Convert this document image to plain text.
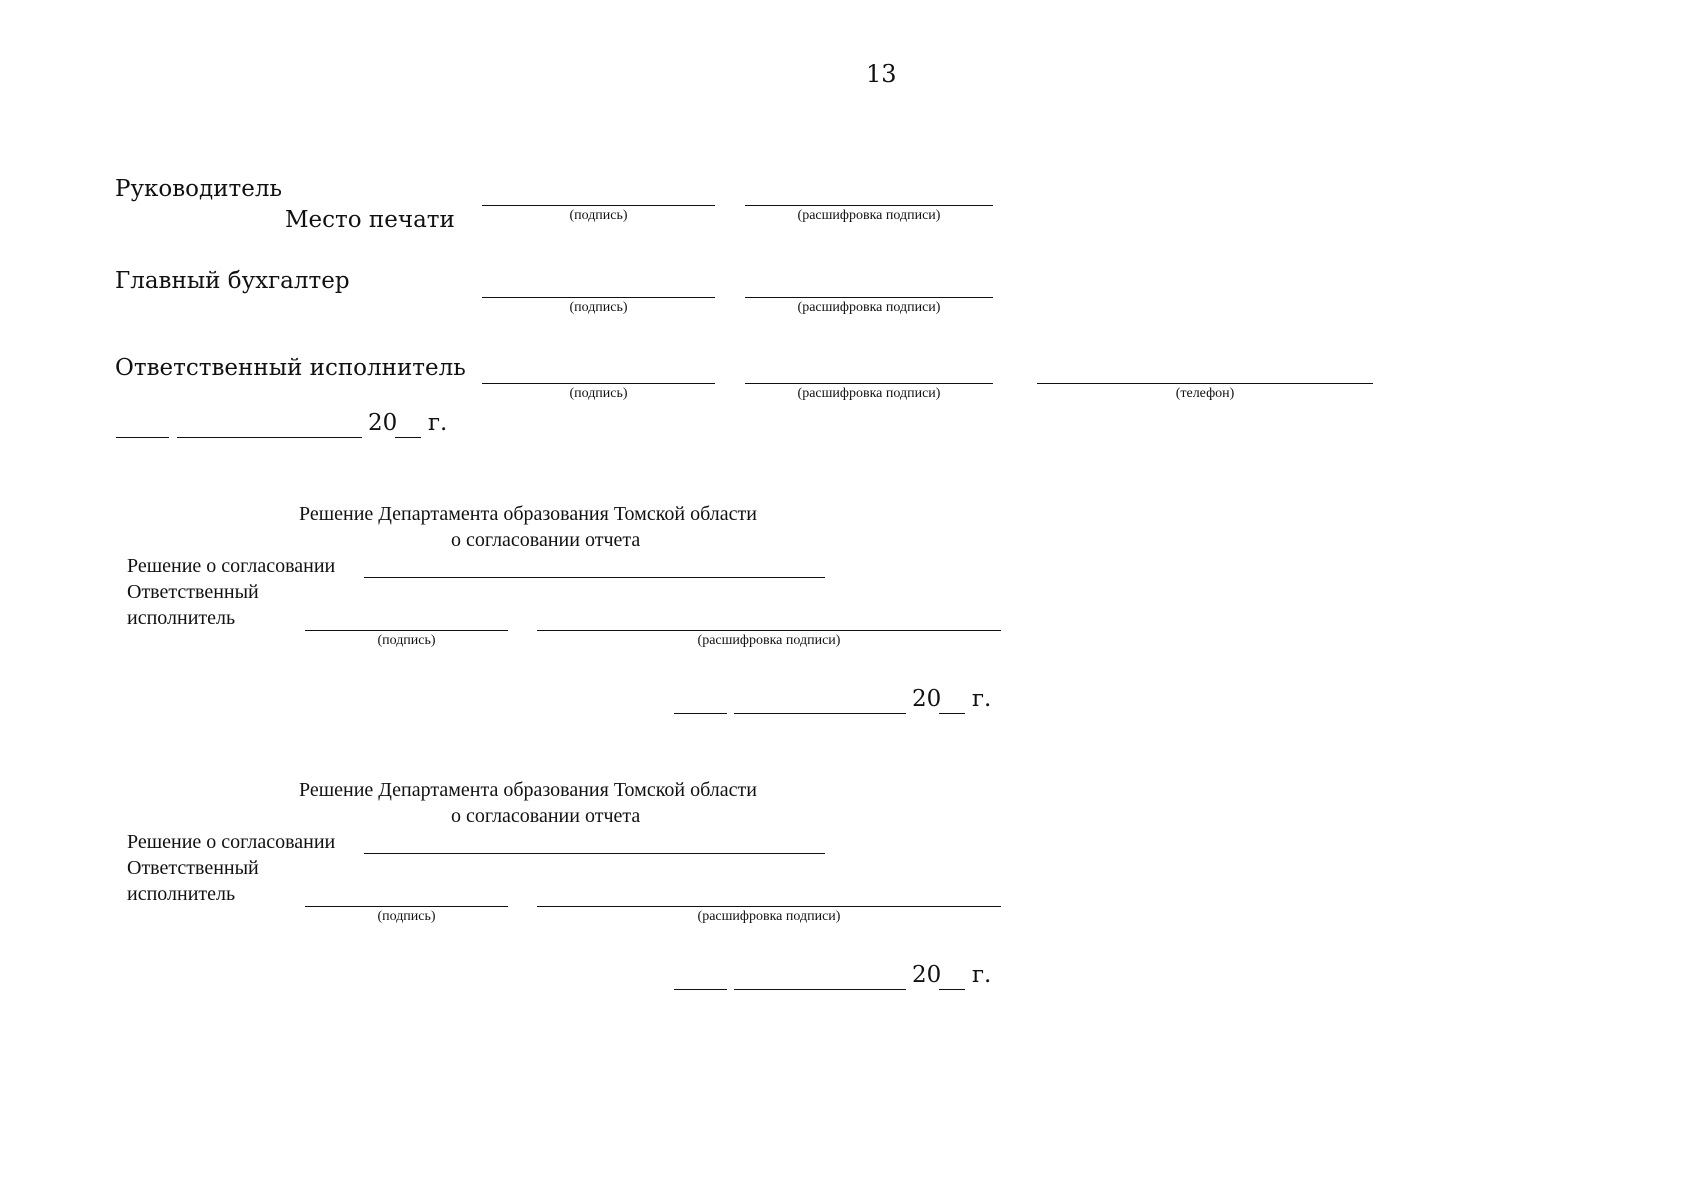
13
Руководитель
Место печати	(подпись)	(расшифровка подписи)
Главный бухгалтер
(подпись)	(расшифровка подписи)
Ответственный исполнитель
(подпись)	(расшифровка подписи)	(телефон)
20 г.
Решение Департамента образования Томской области
о согласовании отчета
Решение о согласовании
Ответственный
исполнитель
(подпись)	(расшифровка подписи)
20 г.
Решение Департамента образования Томской области
о согласовании отчета
Решение о согласовании
Ответственный
исполнитель
(подпись)	(расшифровка подписи)
20 г.
